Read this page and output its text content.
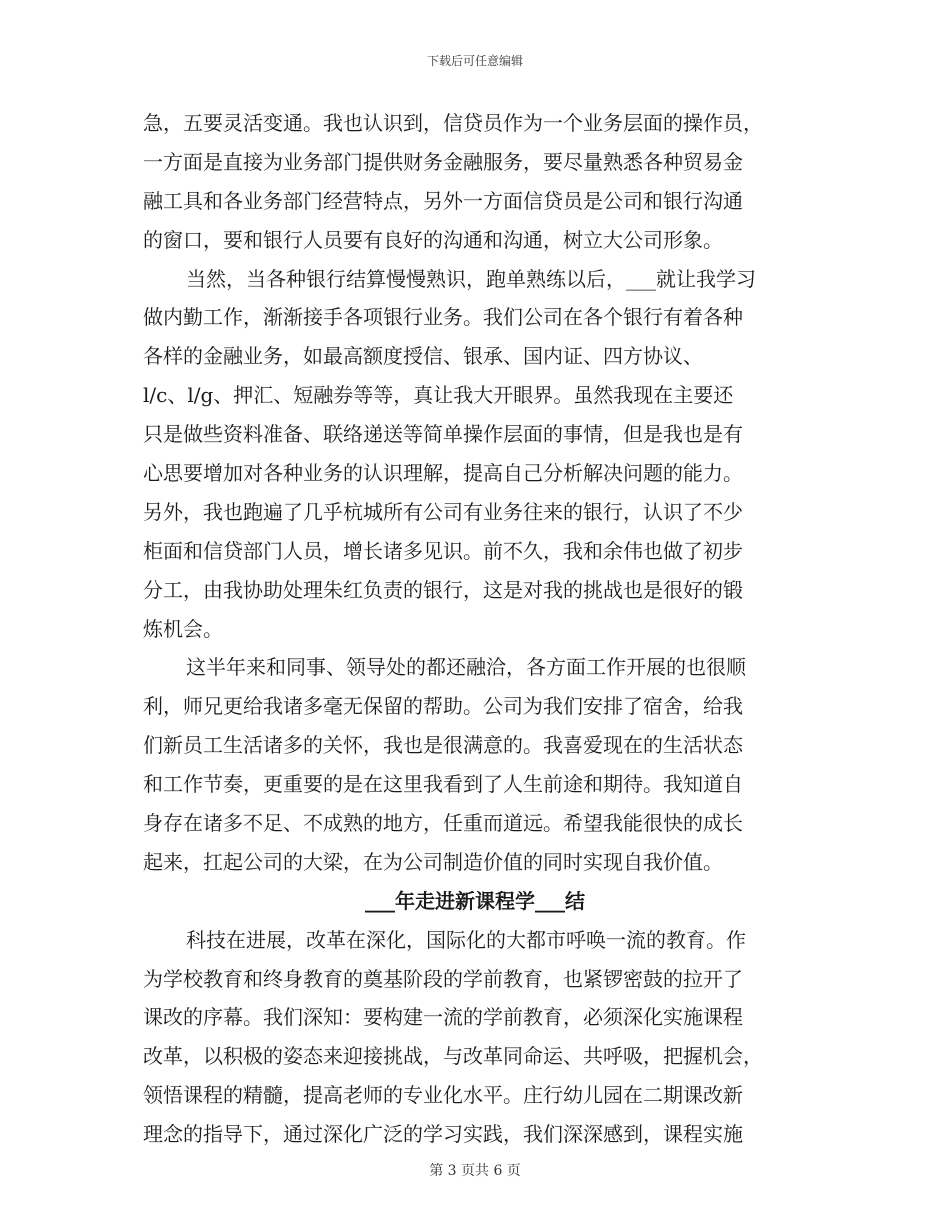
下载后可任意编辑
急，五要灵活变通。我也认识到，信贷员作为一个业务层面的操作员，
一方面是直接为业务部门提供财务金融服务，要尽量熟悉各种贸易金
融工具和各业务部门经营特点，另外一方面信贷员是公司和银行沟通
的窗口，要和银行人员要有良好的沟通和沟通，树立大公司形象。
当然，当各种银行结算慢慢熟识，跑单熟练以后，___就让我学习
做内勤工作，渐渐接手各项银行业务。我们公司在各个银行有着各种
各样的金融业务，如最高额度授信、银承、国内证、四方协议、
l/c、l/g、押汇、短融券等等，真让我大开眼界。虽然我现在主要还
只是做些资料准备、联络递送等简单操作层面的事情，但是我也是有
心思要增加对各种业务的认识理解，提高自己分析解决问题的能力。
另外，我也跑遍了几乎杭城所有公司有业务往来的银行，认识了不少
柜面和信贷部门人员，增长诸多见识。前不久，我和余伟也做了初步
分工，由我协助处理朱红负责的银行，这是对我的挑战也是很好的锻
炼机会。
这半年来和同事、领导处的都还融洽，各方面工作开展的也很顺
利，师兄更给我诸多毫无保留的帮助。公司为我们安排了宿舍，给我
们新员工生活诸多的关怀，我也是很满意的。我喜爱现在的生活状态
和工作节奏，更重要的是在这里我看到了人生前途和期待。我知道自
身存在诸多不足、不成熟的地方，任重而道远。希望我能很快的成长
起来，扛起公司的大梁，在为公司制造价值的同时实现自我价值。
___年走进新课程学___结
科技在进展，改革在深化，国际化的大都市呼唤一流的教育。作
为学校教育和终身教育的奠基阶段的学前教育，也紧锣密鼓的拉开了
课改的序幕。我们深知：要构建一流的学前教育，必须深化实施课程
改革，以积极的姿态来迎接挑战，与改革同命运、共呼吸，把握机会，
领悟课程的精髓，提高老师的专业化水平。庄行幼儿园在二期课改新
理念的指导下，通过深化广泛的学习实践，我们深深感到，课程实施
第 3 页共 6 页
